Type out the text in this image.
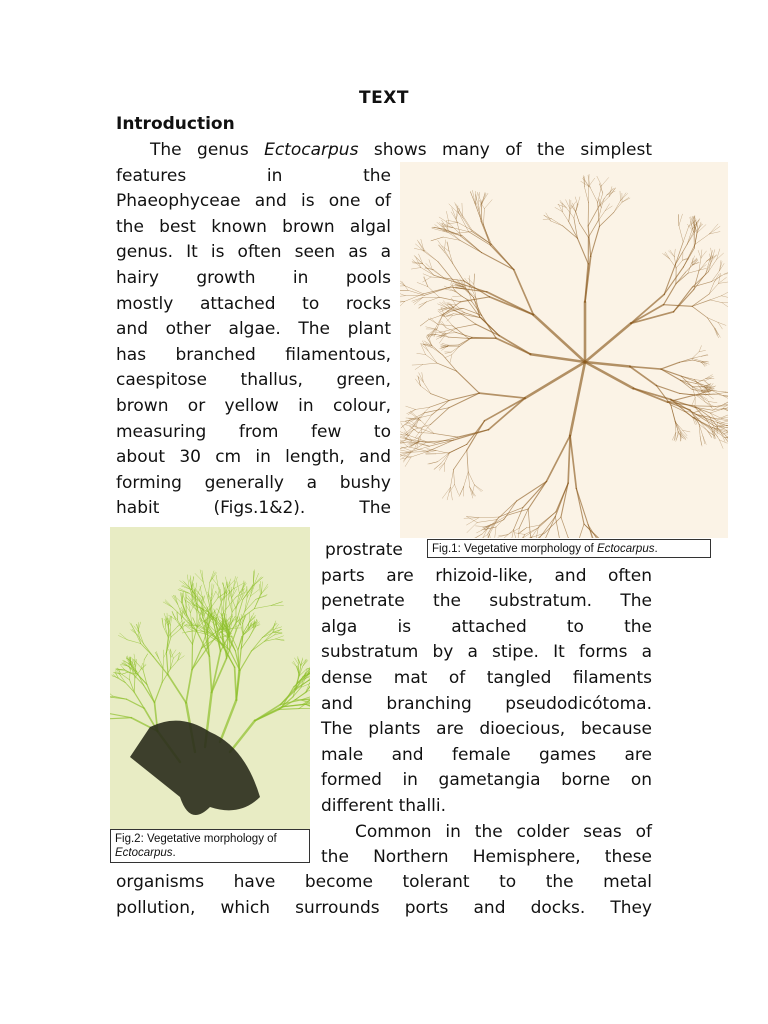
TEXT
Introduction
The genus Ectocarpus shows many of the simplest
features in the
Phaeophyceae and is one of
the best known brown algal
genus. It is often seen as a
hairy growth in pools
mostly attached to rocks
and other algae. The plant
has branched filamentous,
caespitose thallus, green,
brown or yellow in colour,
measuring from few to
about 30 cm in length, and
forming generally a bushy
habit (Figs.1&2). The
prostrate
parts are rhizoid-like, and often
penetrate the substratum. The
alga is attached to the
substratum by a stipe. It forms a
dense mat of tangled filaments
and branching pseudodicótoma.
The plants are dioecious, because
male and female games are
formed in gametangia borne on
different thalli.
Common in the colder seas of
the Northern Hemisphere, these
organisms have become tolerant to the metal
pollution, which surrounds ports and docks. They
Fig.1: Vegetative morphology of Ectocarpus.
Fig.2: Vegetative morphology of
Ectocarpus.
